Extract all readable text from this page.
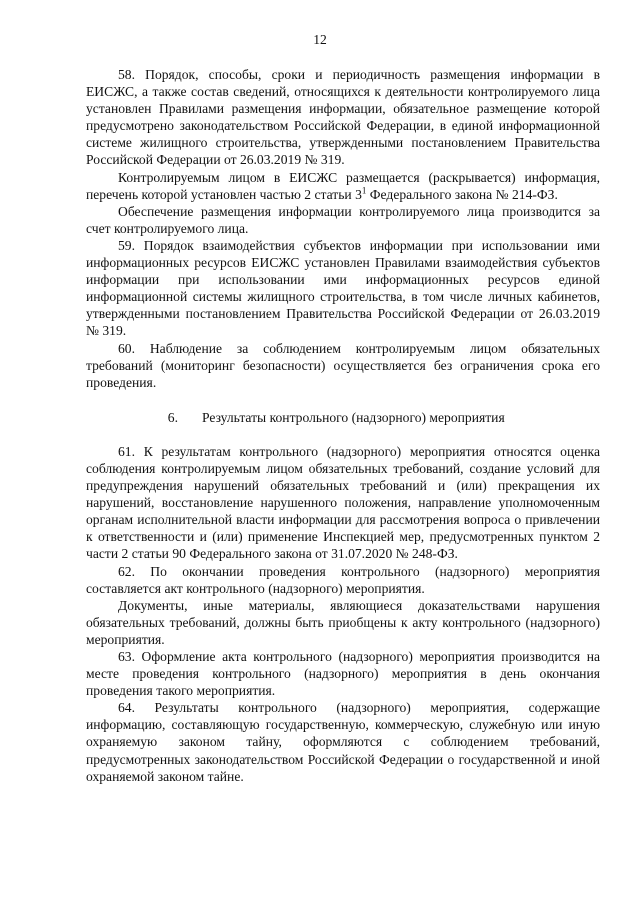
12

58. Порядок, способы, сроки и периодичность размещения информации в ЕИСЖС, а также состав сведений, относящихся к деятельности контролируемого лица установлен Правилами размещения информации, обязательное размещение которой предусмотрено законодательством Российской Федерации, в единой информационной системе жилищного строительства, утвержденными постановлением Правительства Российской Федерации от 26.03.2019 № 319.

Контролируемым лицом в ЕИСЖС размещается (раскрывается) информация, перечень которой установлен частью 2 статьи $3^1$ Федерального закона № 214-ФЗ.

Обеспечение размещения информации контролируемого лица производится за счет контролируемого лица.

59. Порядок взаимодействия субъектов информации при использовании ими информационных ресурсов ЕИСЖС установлен Правилами взаимодействия субъектов информации при использовании ими информационных ресурсов единой информационной системы жилищного строительства, в том числе личных кабинетов, утвержденными постановлением Правительства Российской Федерации от 26.03.2019 № 319.

60. Наблюдение за соблюдением контролируемым лицом обязательных требований (мониторинг безопасности) осуществляется без ограничения срока его проведения.

6.	Результаты контрольного (надзорного) мероприятия

61. К результатам контрольного (надзорного) мероприятия относятся оценка соблюдения контролируемым лицом обязательных требований, создание условий для предупреждения нарушений обязательных требований и (или) прекращения их нарушений, восстановление нарушенного положения, направление уполномоченным органам исполнительной власти информации для рассмотрения вопроса о привлечении к ответственности и (или) применение Инспекцией мер, предусмотренных пунктом 2 части 2 статьи 90 Федерального закона от 31.07.2020 № 248-ФЗ.

62. По окончании проведения контрольного (надзорного) мероприятия составляется акт контрольного (надзорного) мероприятия.

Документы, иные материалы, являющиеся доказательствами нарушения обязательных требований, должны быть приобщены к акту контрольного (надзорного) мероприятия.

63. Оформление акта контрольного (надзорного) мероприятия производится на месте проведения контрольного (надзорного) мероприятия в день окончания проведения такого мероприятия.

64. Результаты контрольного (надзорного) мероприятия, содержащие информацию, составляющую государственную, коммерческую, служебную или иную охраняемую законом тайну, оформляются с соблюдением требований, предусмотренных законодательством Российской Федерации о государственной и иной охраняемой законом тайне.
